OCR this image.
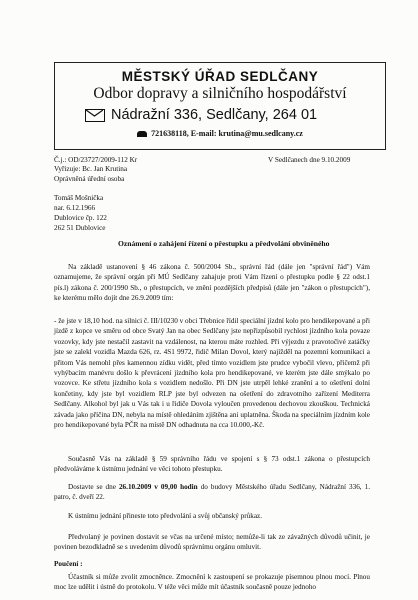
MĚSTSKÝ ÚŘAD SEDLČANY
Odbor dopravy a silničního hospodářství
Nádražní 336, Sedlčany, 264 01
721638118, E-mail: krutina@mu.sedlcany.cz
Č.j.: OD/23727/2009-112 Kr
Vyřizuje: Bc. Jan Krutina
Oprávněná úřední osoba
V Sedlčanech dne 9.10.2009
Tomáš Mošnička
nar. 6.12.1966
Dublovice čp. 122
262 51 Dublovice
Oznámení o zahájení řízení o přestupku a předvolání obviněného
Na základě ustanovení § 46 zákona č. 500/2004 Sb., správní řád (dále jen "správní řád") Vám oznamujeme, že správní orgán při MÚ Sedlčany zahajuje proti Vám řízení o přestupku podle § 22 odst.1 pís.l) zákona č. 200/1990 Sb., o přestupcích, ve znění pozdějších předpisů (dále jen "zákon o přestupcích"), ke kterému mělo dojít dne 26.9.2009 tím:
- že jste v 18,10 hod. na silnici č. III/10230 v obci Třebnice řídil speciální jízdní kolo pro hendikepované a při jízdě z kopce ve směru od obce Svatý Jan na obec Sedlčany jste nepřizpůsobil rychlost jízdního kola povaze vozovky, kdy jste nestačil zastavit na vzdálenost, na kterou máte rozhled. Při výjezdu z pravotočivé zatáčky jste se zalekl vozidla Mazda 626, rz. 4S1 9972, řidič Milan Dovol, který najížděl na pozemní komunikaci a přitom Vás nemohl přes kamennou zídku vidět, před tímto vozidlem jste prudce vybočil vlevo, přičemž při vyhýbacím manévru došlo k převrácení jízdního kola pro hendikepované, ve kterém jste dále smýkalo po vozovce. Ke střetu jízdního kola s vozidlem nedošlo. Při DN jste utrpěl lehké zranění a to ošetření dolní končetiny, kdy jste byl vozidlem RLP jste byl odvezen na ošetření do zdravotního zařízení Mediterra Sedlčany. Alkohol byl jak u Vás tak i u řidiče Dovola vyloučen provedenou dechovou zkouškou. Technická závada jako příčina DN, nebyla na místě ohledáním zjištěna ani uplatněna. Škoda na speciálním jízdním kole pro hendikepované byla PČR na místě DN odhadnuta na cca 10.000,-Kč.
Současně Vás na základě § 59 správního řádu ve spojení s § 73 odst.1 zákona o přestupcích předvoláváme k ústnímu jednání ve věci tohoto přestupku.
Dostavte se dne 26.10.2009 v 09,00 hodin do budovy Městského úřadu Sedlčany, Nádražní 336, 1. patro, č. dveří 22.
K ústnímu jednání přineste toto předvolání a svůj občanský průkaz.
Předvolaný je povinen dostavit se včas na určené místo; nemůže-li tak ze závažných důvodů učinit, je povinen bezodkladně se s uvedením důvodů správnímu orgánu omluvit.
Poučení :
Účastník si může zvolit zmocněnce. Zmocnění k zastoupení se prokazuje písemnou plnou mocí. Plnou moc lze udělit i ústně do protokolu. V téže věci může mít účastník současně pouze jednoho
